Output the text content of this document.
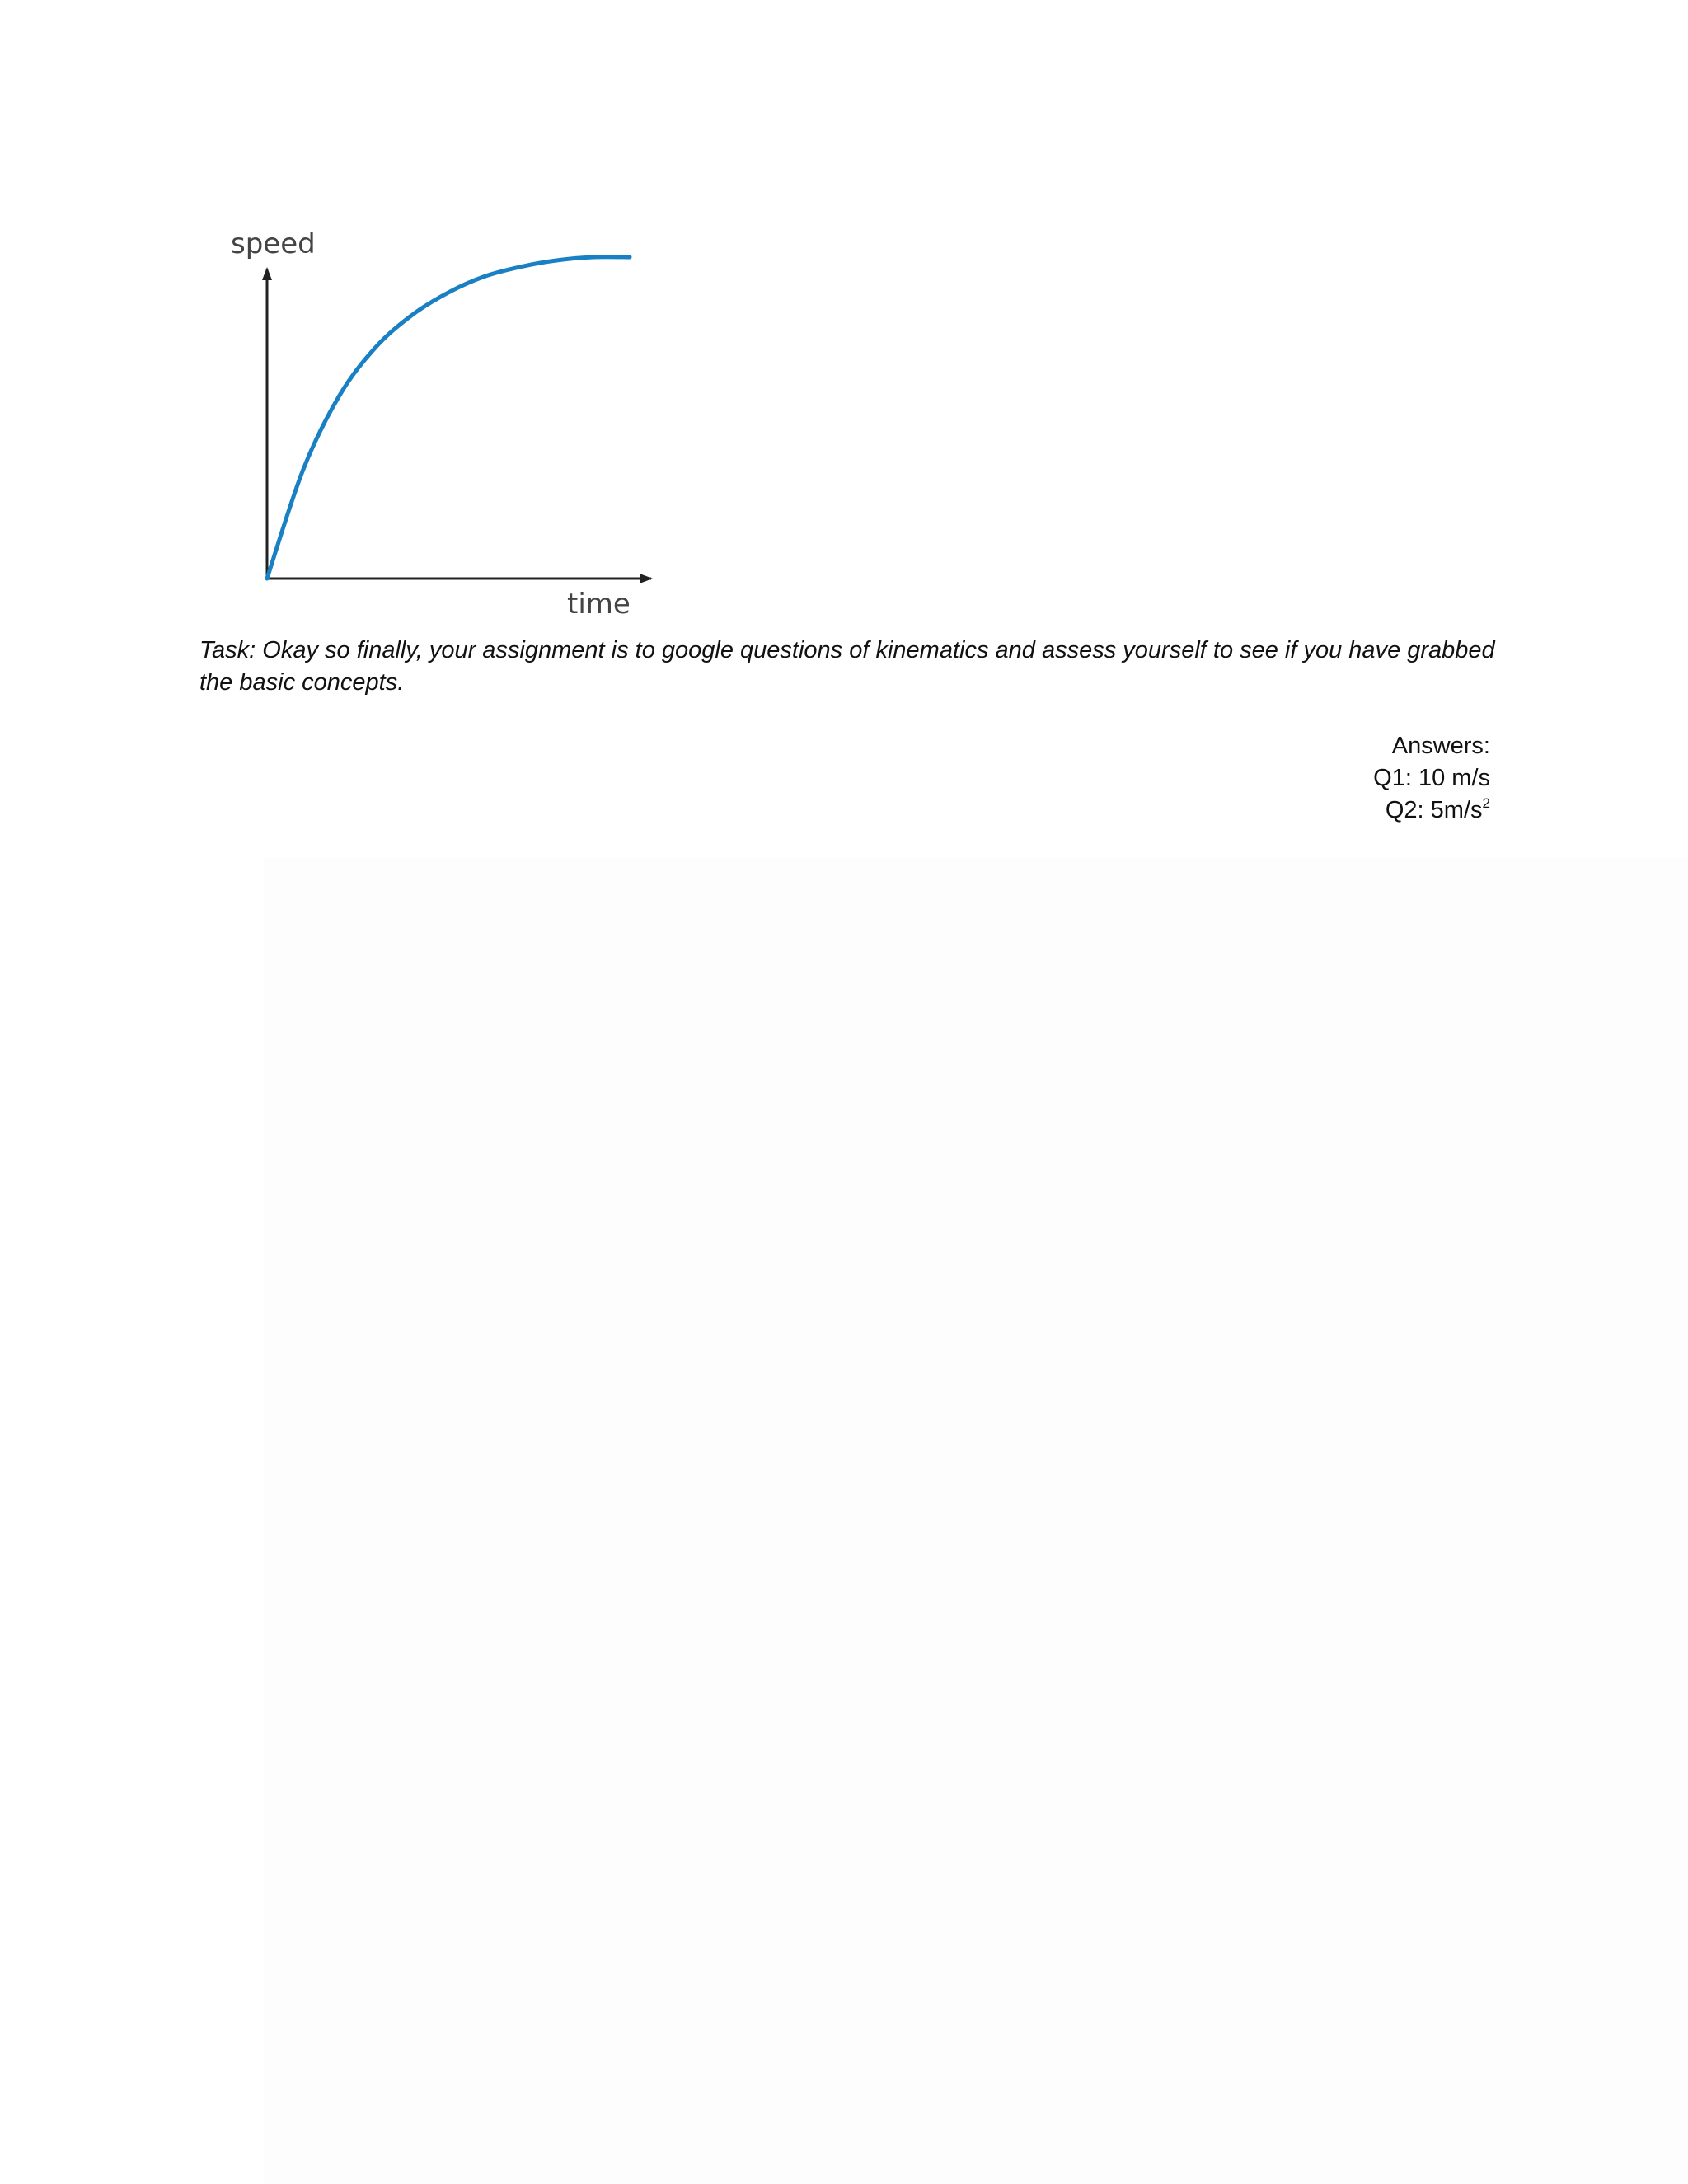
speed
time

Task: Okay so finally, your assignment is to google questions of kinematics and assess yourself to see if you have grabbed the basic concepts.

Answers:
Q1: 10 m/s
Q2: $5m/s^2$
